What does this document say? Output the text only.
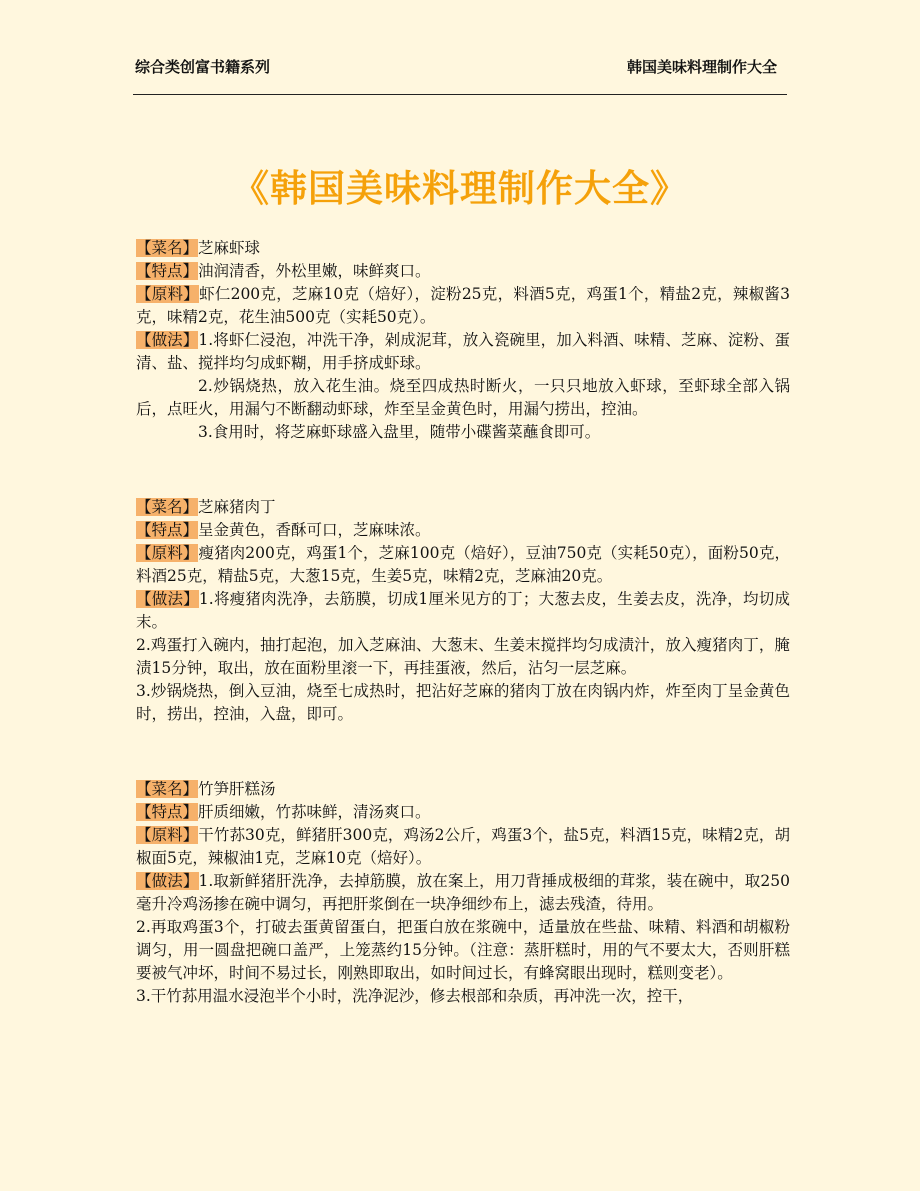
综合类创富书籍系列	韩国美味料理制作大全
《韩国美味料理制作大全》

【菜名】芝麻虾球

【特点】油润清香，外松里嫩，味鲜爽口。

【原料】虾仁200克，芝麻10克（焙好），淀粉25克，料酒5克，鸡蛋1个，精盐2克，辣椒酱3克，味精2克，花生油500克（实耗50克）。

【做法】1.将虾仁浸泡，冲洗干净，剁成泥茸，放入瓷碗里，加入料酒、味精、芝麻、淀粉、蛋清、盐、搅拌均匀成虾糊，用手挤成虾球。

2.炒锅烧热，放入花生油。烧至四成热时断火，一只只地放入虾球，至虾球全部入锅后，点旺火，用漏勺不断翻动虾球，炸至呈金黄色时，用漏勺捞出，控油。

3.食用时，将芝麻虾球盛入盘里，随带小碟酱菜蘸食即可。

【菜名】芝麻猪肉丁

【特点】呈金黄色，香酥可口，芝麻味浓。

【原料】瘦猪肉200克，鸡蛋1个，芝麻100克（焙好），豆油750克（实耗50克），面粉50克，料酒25克，精盐5克，大葱15克，生姜5克，味精2克，芝麻油20克。

【做法】1.将瘦猪肉洗净，去筋膜，切成1厘米见方的丁；大葱去皮，生姜去皮，洗净，均切成末。

2.鸡蛋打入碗内，抽打起泡，加入芝麻油、大葱末、生姜末搅拌均匀成渍汁，放入瘦猪肉丁，腌渍15分钟，取出，放在面粉里滚一下，再挂蛋液，然后，沾匀一层芝麻。

3.炒锅烧热，倒入豆油，烧至七成热时，把沾好芝麻的猪肉丁放在肉锅内炸，炸至肉丁呈金黄色时，捞出，控油，入盘，即可。

【菜名】竹笋肝糕汤

【特点】肝质细嫩，竹荪味鲜，清汤爽口。

【原料】干竹荪30克，鲜猪肝300克，鸡汤2公斤，鸡蛋3个，盐5克，料酒15克，味精2克，胡椒面5克，辣椒油1克，芝麻10克（焙好）。

【做法】1.取新鲜猪肝洗净，去掉筋膜，放在案上，用刀背捶成极细的茸浆，装在碗中，取250毫升冷鸡汤掺在碗中调匀，再把肝浆倒在一块净细纱布上，滤去残渣，待用。

2.再取鸡蛋3个，打破去蛋黄留蛋白，把蛋白放在浆碗中，适量放在些盐、味精、料酒和胡椒粉调匀，用一圆盘把碗口盖严，上笼蒸约15分钟。（注意：蒸肝糕时，用的气不要太大，否则肝糕要被气冲坏，时间不易过长，刚熟即取出，如时间过长，有蜂窝眼出现时，糕则变老）。

3.干竹荪用温水浸泡半个小时，洗净泥沙，修去根部和杂质，再冲洗一次，控干，
